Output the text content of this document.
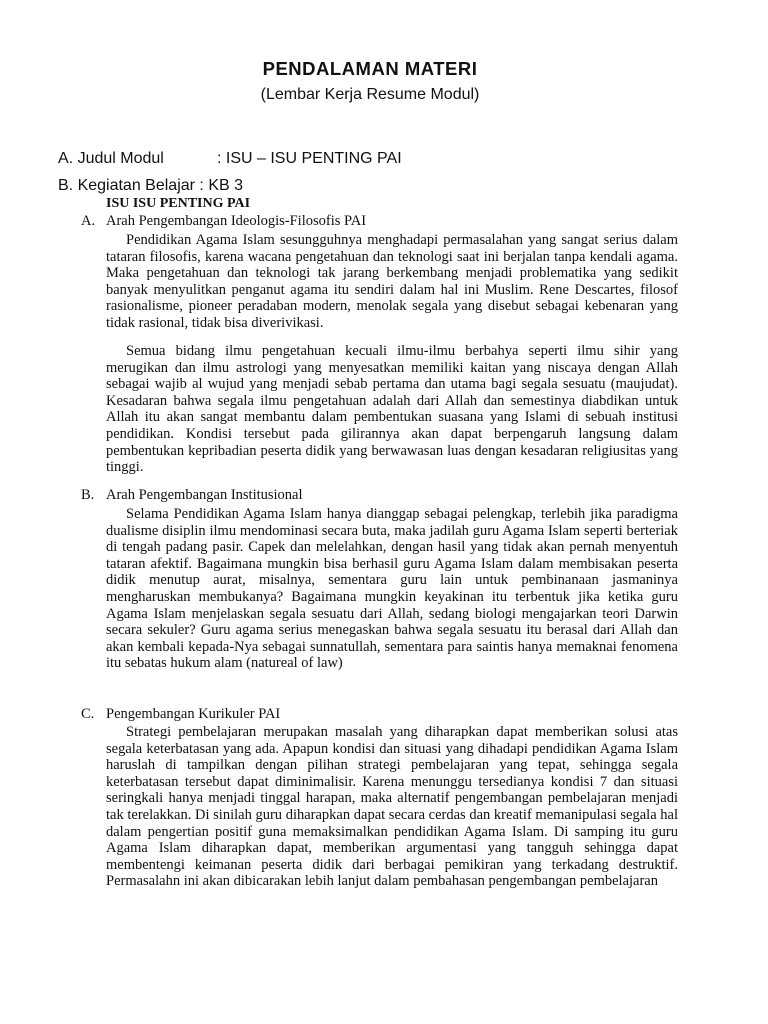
PENDALAMAN MATERI
(Lembar Kerja Resume Modul)
A. Judul Modul	: ISU – ISU PENTING PAI
B. Kegiatan Belajar : KB 3
ISU ISU PENTING PAI
A. Arah Pengembangan Ideologis-Filosofis PAI

Pendidikan Agama Islam sesungguhnya menghadapi permasalahan yang sangat serius dalam tataran filosofis, karena wacana pengetahuan dan teknologi saat ini berjalan tanpa kendali agama. Maka pengetahuan dan teknologi tak jarang berkembang menjadi problematika yang sedikit banyak menyulitkan penganut agama itu sendiri dalam hal ini Muslim. Rene Descartes, filosof rasionalisme, pioneer peradaban modern, menolak segala yang disebut sebagai kebenaran yang tidak rasional, tidak bisa diverivikasi.

Semua bidang ilmu pengetahuan kecuali ilmu-ilmu berbahya seperti ilmu sihir yang merugikan dan ilmu astrologi yang menyesatkan memiliki kaitan yang niscaya dengan Allah sebagai wajib al wujud yang menjadi sebab pertama dan utama bagi segala sesuatu (maujudat). Kesadaran bahwa segala ilmu pengetahuan adalah dari Allah dan semestinya diabdikan untuk Allah itu akan sangat membantu dalam pembentukan suasana yang Islami di sebuah institusi pendidikan. Kondisi tersebut pada gilirannya akan dapat berpengaruh langsung dalam pembentukan kepribadian peserta didik yang berwawasan luas dengan kesadaran religiusitas yang tinggi.

B. Arah Pengembangan Institusional

Selama Pendidikan Agama Islam hanya dianggap sebagai pelengkap, terlebih jika paradigma dualisme disiplin ilmu mendominasi secara buta, maka jadilah guru Agama Islam seperti berteriak di tengah padang pasir. Capek dan melelahkan, dengan hasil yang tidak akan pernah menyentuh tataran afektif. Bagaimana mungkin bisa berhasil guru Agama Islam dalam membisakan peserta didik menutup aurat, misalnya, sementara guru lain untuk pembinanaan jasmaninya mengharuskan membukanya? Bagaimana mungkin keyakinan itu terbentuk jika ketika guru Agama Islam menjelaskan segala sesuatu dari Allah, sedang biologi mengajarkan teori Darwin secara sekuler? Guru agama serius menegaskan bahwa segala sesuatu itu berasal dari Allah dan akan kembali kepada-Nya sebagai sunnatullah, sementara para saintis hanya memaknai fenomena itu sebatas hukum alam (natureal of law)

C. Pengembangan Kurikuler PAI

Strategi pembelajaran merupakan masalah yang diharapkan dapat memberikan solusi atas segala keterbatasan yang ada. Apapun kondisi dan situasi yang dihadapi pendidikan Agama Islam haruslah di tampilkan dengan pilihan strategi pembelajaran yang tepat, sehingga segala keterbatasan tersebut dapat diminimalisir. Karena menunggu tersedianya kondisi 7 dan situasi seringkali hanya menjadi tinggal harapan, maka alternatif pengembangan pembelajaran menjadi tak terelakkan. Di sinilah guru diharapkan dapat secara cerdas dan kreatif memanipulasi segala hal dalam pengertian positif guna memaksimalkan pendidikan Agama Islam. Di samping itu guru Agama Islam diharapkan dapat, memberikan argumentasi yang tangguh sehingga dapat membentengi keimanan peserta didik dari berbagai pemikiran yang terkadang destruktif. Permasalahn ini akan dibicarakan lebih lanjut dalam pembahasan pengembangan pembelajaran
